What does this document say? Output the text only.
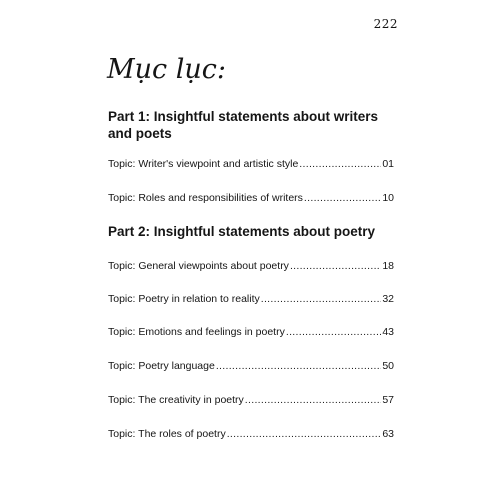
222
Mục lục:
Part 1: Insightful statements about writers and poets
Topic: Writer's viewpoint and artistic style .....	01
Topic: Roles and responsibilities of writers .....	10
Part 2: Insightful statements about poetry
Topic: General viewpoints about poetry .....	18
Topic: Poetry in relation to reality .....	32
Topic: Emotions and feelings in poetry .....	43
Topic: Poetry language .....	50
Topic: The creativity in poetry .....	57
Topic: The roles of poetry .....	63
